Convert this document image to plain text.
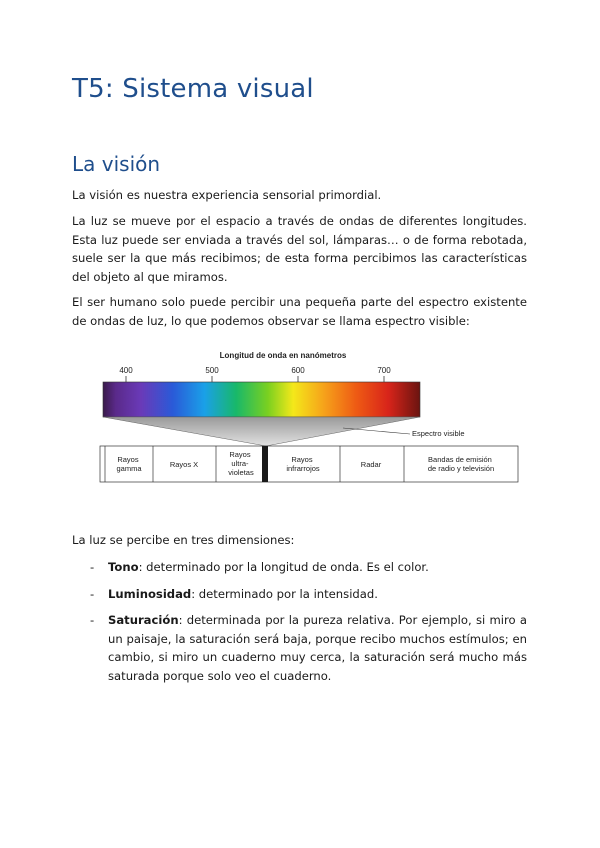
T5: Sistema visual
La visión

La visión es nuestra experiencia sensorial primordial.

La luz se mueve por el espacio a través de ondas de diferentes longitudes. Esta luz puede ser enviada a través del sol, lámparas… o de forma rebotada, suele ser la que más recibimos; de esta forma percibimos las características del objeto al que miramos.

El ser humano solo puede percibir una pequeña parte del espectro existente de ondas de luz, lo que podemos observar se llama espectro visible:

Longitud de onda en nanómetros
400	500	600	700
Espectro visible
Rayos gamma	Rayos X
Rayos ultra- violetas
Rayos infrarrojos	Radar
Bandas de emisión de radio y televisión

La luz se percibe en tres dimensiones:

- Tono: determinado por la longitud de onda. Es el color.
- Luminosidad: determinado por la intensidad.
- Saturación: determinada por la pureza relativa. Por ejemplo, si miro a un paisaje, la saturación será baja, porque recibo muchos estímulos; en cambio, si miro un cuaderno muy cerca, la saturación será mucho más saturada porque solo veo el cuaderno.
